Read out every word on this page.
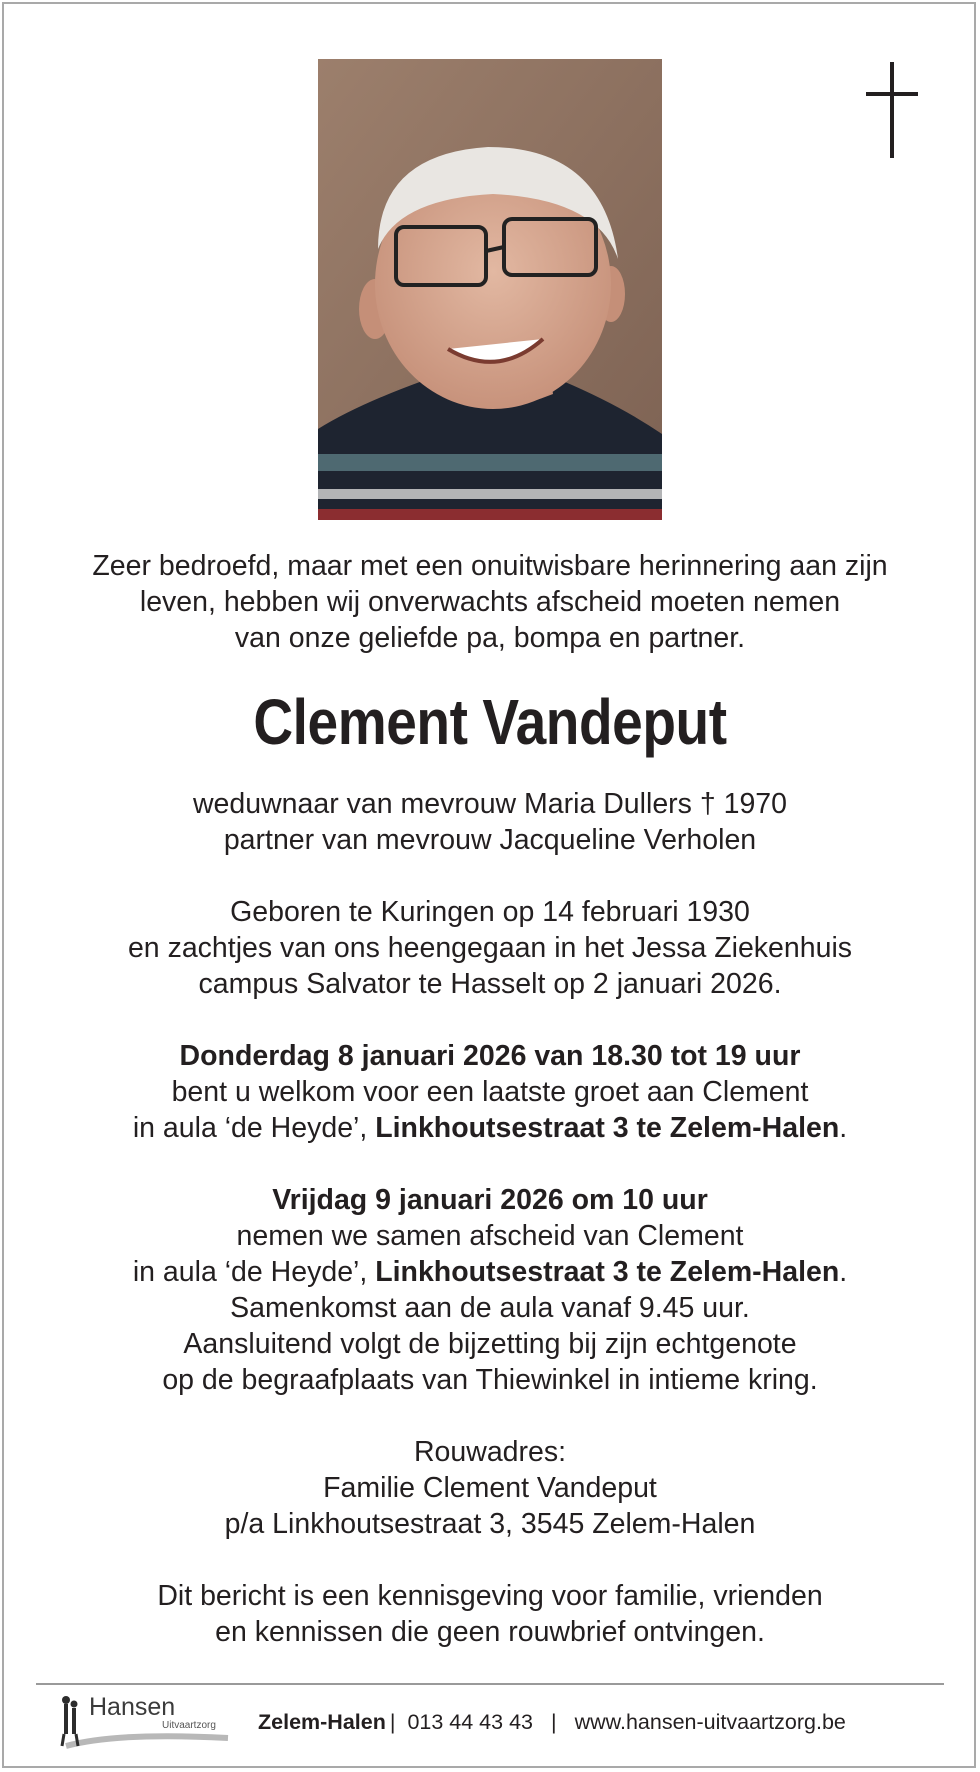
Zeer bedroefd, maar met een onuitwisbare herinnering aan zijn

leven, hebben wij onverwachts afscheid moeten nemen

van onze geliefde pa, bompa en partner.

Clement Vandeput

weduwnaar van mevrouw Maria Dullers † 1970

partner van mevrouw Jacqueline Verholen

Geboren te Kuringen op 14 februari 1930

en zachtjes van ons heengegaan in het Jessa Ziekenhuis

campus Salvator te Hasselt op 2 januari 2026.

Donderdag 8 januari 2026 van 18.30 tot 19 uur

bent u welkom voor een laatste groet aan Clement

in aula ‘de Heyde’, Linkhoutsestraat 3 te Zelem-Halen.

Vrijdag 9 januari 2026 om 10 uur

nemen we samen afscheid van Clement

in aula ‘de Heyde’, Linkhoutsestraat 3 te Zelem-Halen.

Samenkomst aan de aula vanaf 9.45 uur.

Aansluitend volgt de bijzetting bij zijn echtgenote

op de begraafplaats van Thiewinkel in intieme kring.

Rouwadres:

Familie Clement Vandeput

p/a Linkhoutsestraat 3, 3545 Zelem-Halen

Dit bericht is een kennisgeving voor familie, vrienden

en kennissen die geen rouwbrief ontvingen.

Hansen
Uitvaartzorg Zelem-Halen | 013 44 43 43 | www.hansen-uitvaartzorg.be
